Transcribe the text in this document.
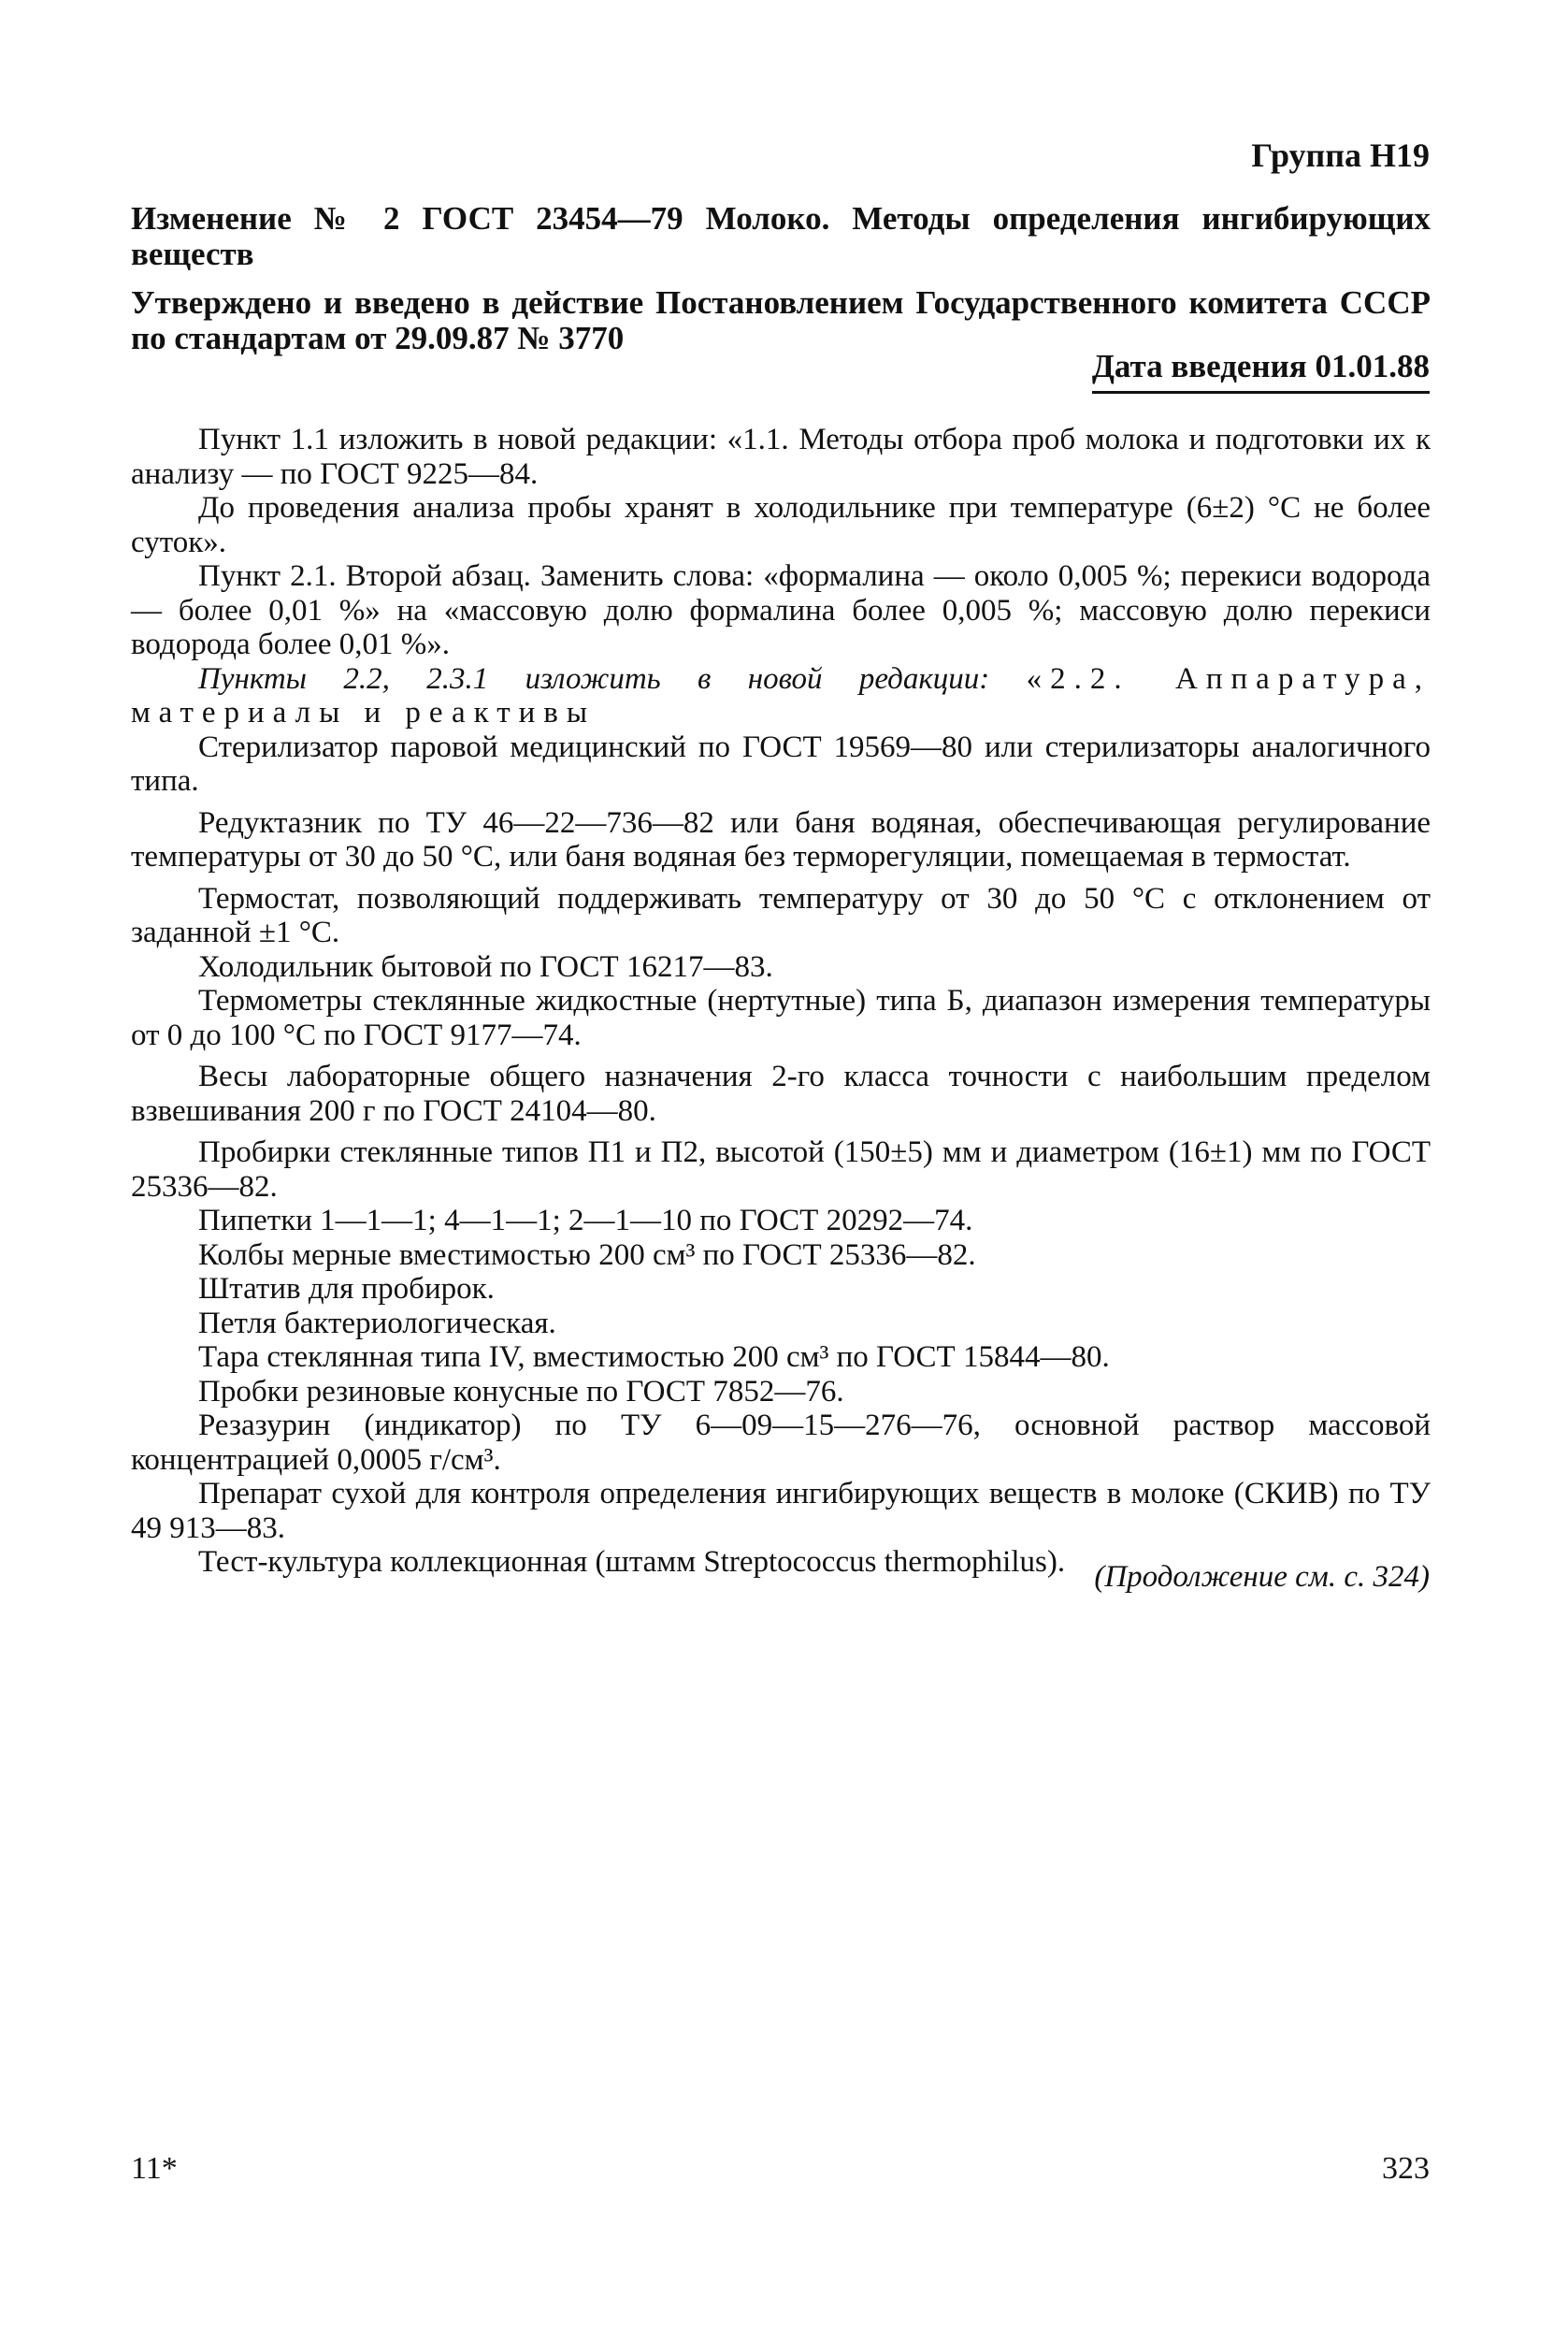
Группа Н19
Изменение № 2 ГОСТ 23454—79 Молоко. Методы определения ингибирующих веществ
Утверждено и введено в действие Постановлением Государственного комитета СССР по стандартам от 29.09.87 № 3770
Дата введения 01.01.88

Пункт 1.1 изложить в новой редакции: «1.1. Методы отбора проб молока и подготовки их к анализу — по ГОСТ 9225—84.

До проведения анализа пробы хранят в холодильнике при температуре (6±2) °С не более суток».

Пункт 2.1. Второй абзац. Заменить слова: «формалина — около 0,005 %; перекиси водорода — более 0,01 %» на «массовую долю формалина более 0,005 %; массовую долю перекиси водорода более 0,01 %».

Пункты 2.2, 2.3.1 изложить в новой редакции: «2.2. Аппаратура, материалы и реактивы

Стерилизатор паровой медицинский по ГОСТ 19569—80 или стерилизаторы аналогичного типа.

Редуктазник по ТУ 46—22—736—82 или баня водяная, обеспечивающая регулирование температуры от 30 до 50 °С, или баня водяная без терморегуляции, помещаемая в термостат.

Термостат, позволяющий поддерживать температуру от 30 до 50 °С с отклонением от заданной ±1 °С.

Холодильник бытовой по ГОСТ 16217—83.

Термометры стеклянные жидкостные (нертутные) типа Б, диапазон измерения температуры от 0 до 100 °С по ГОСТ 9177—74.

Весы лабораторные общего назначения 2-го класса точности с наибольшим пределом взвешивания 200 г по ГОСТ 24104—80.

Пробирки стеклянные типов П1 и П2, высотой (150±5) мм и диаметром (16±1) мм по ГОСТ 25336—82.

Пипетки 1—1—1; 4—1—1; 2—1—10 по ГОСТ 20292—74.

Колбы мерные вместимостью 200 см³ по ГОСТ 25336—82.

Штатив для пробирок.

Петля бактериологическая.

Тара стеклянная типа IV, вместимостью 200 см³ по ГОСТ 15844—80.

Пробки резиновые конусные по ГОСТ 7852—76.

Резазурин (индикатор) по ТУ 6—09—15—276—76, основной раствор массовой концентрацией 0,0005 г/см³.

Препарат сухой для контроля определения ингибирующих веществ в молоке (СКИВ) по ТУ 49 913—83.

Тест-культура коллекционная (штамм Streptococcus thermophilus). (Продолжение см. с. 324)
11*	323
